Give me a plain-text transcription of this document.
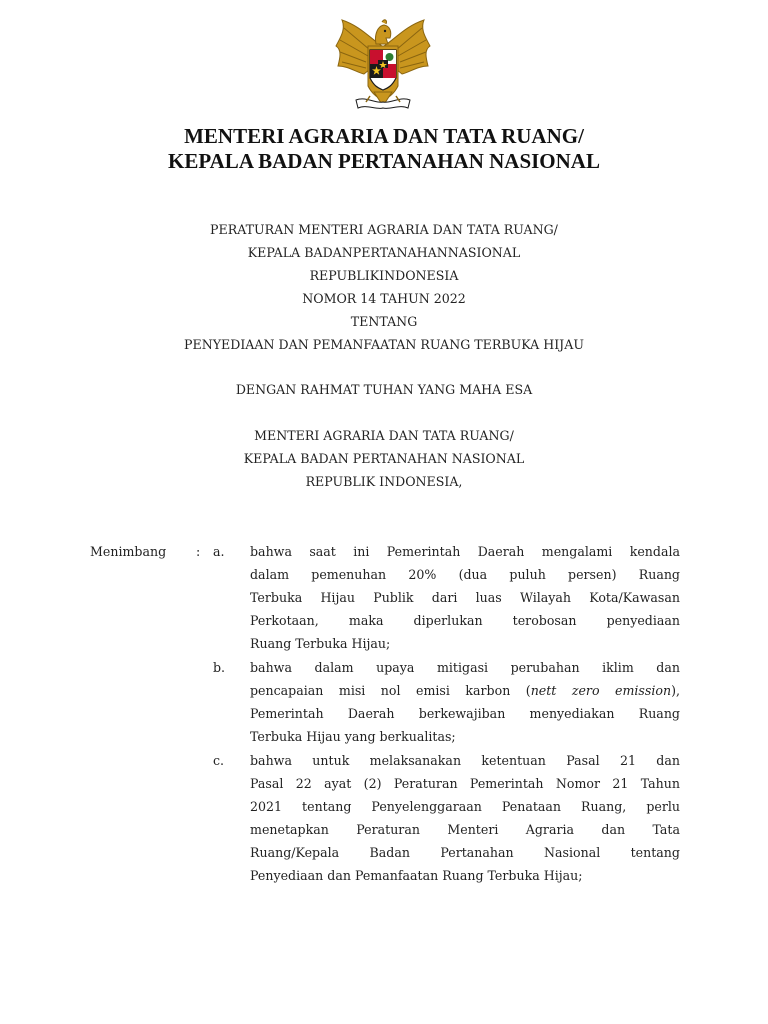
MENTERI AGRARIA DAN TATA RUANG/
KEPALA BADAN PERTANAHAN NASIONAL
PERATURAN MENTERI AGRARIA DAN TATA RUANG/
KEPALA BADANPERTANAHANNASIONAL
REPUBLIKINDONESIA
NOMOR 14 TAHUN 2022
TENTANG
PENYEDIAAN DAN PEMANFAATAN RUANG TERBUKA HIJAU
DENGAN RAHMAT TUHAN YANG MAHA ESA
MENTERI AGRARIA DAN TATA RUANG/
KEPALA BADAN PERTANAHAN NASIONAL
REPUBLIK INDONESIA,
Menimbang : a. bahwa saat ini Pemerintah Daerah mengalami kendala
dalam pemenuhan 20% (dua puluh persen) Ruang
Terbuka Hijau Publik dari luas Wilayah Kota/Kawasan
Perkotaan, maka diperlukan terobosan penyediaan
Ruang Terbuka Hijau;
b. bahwa dalam upaya mitigasi perubahan iklim dan
pencapaian misi nol emisi karbon (nett zero emission),
Pemerintah Daerah berkewajiban menyediakan Ruang
Terbuka Hijau yang berkualitas;
c. bahwa untuk melaksanakan ketentuan Pasal 21 dan
Pasal 22 ayat (2) Peraturan Pemerintah Nomor 21 Tahun
2021 tentang Penyelenggaraan Penataan Ruang, perlu
menetapkan Peraturan Menteri Agraria dan Tata
Ruang/Kepala Badan Pertanahan Nasional tentang
Penyediaan dan Pemanfaatan Ruang Terbuka Hijau;
